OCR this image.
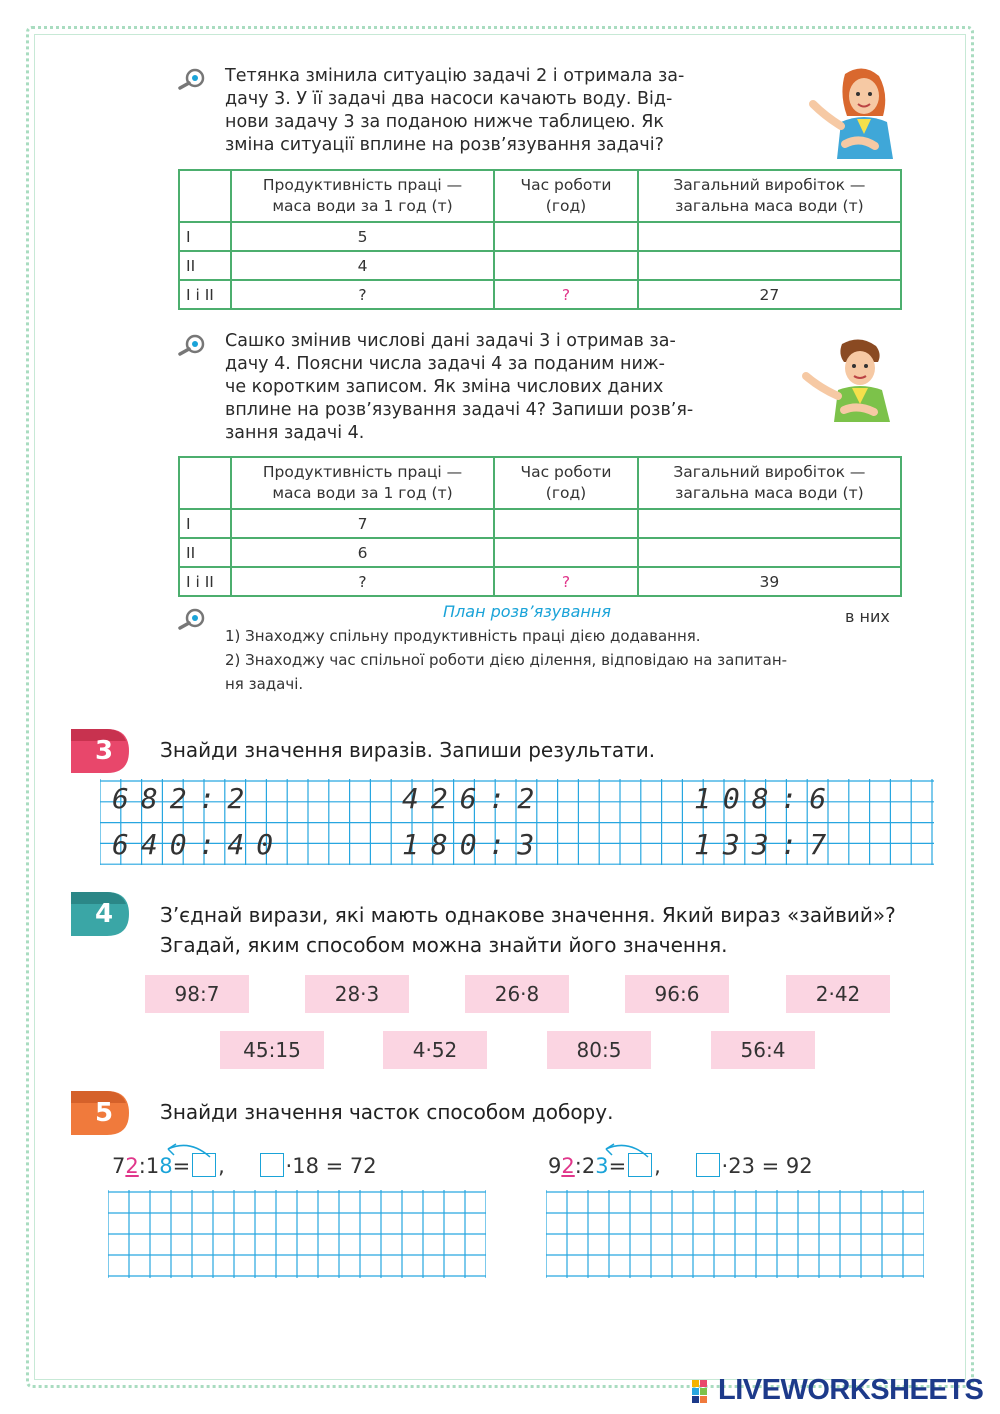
Тетянка змінила ситуацію задачі 2 і отримала за-
дачу 3. У її задачі два насоси качають воду. Від-
нови задачу 3 за поданою нижче таблицею. Як
зміна ситуації вплине на розв’язування задачі?

	Продуктивність праці —
маса води за 1 год (т)	Час роботи
(год)	Загальний виробіток —
загальна маса води (т)

I	5		
II	4		
I і II	?	?	27
Сашко змінив числові дані задачі 3 і отримав за-
дачу 4. Поясни числа задачі 4 за поданим ниж-
че коротким записом. Як зміна числових даних
вплине на розв’язування задачі 4? Запиши розв’я-
зання задачі 4.

	Продуктивність праці —
маса води за 1 год (т)	Час роботи
(год)	Загальний виробіток —
загальна маса води (т)

I	7		
II	6		
I і II	?	?	39
План розв’язування	в них
1) Знаходжу спільну продуктивність праці дією додавання.
2) Знаходжу час спільної роботи дією ділення, відповідаю на запитан-
ня задачі.
3	Знайди значення виразів. Запиши результати.
682:2	426:2	108:6
640:40	180:3	133:7
4	З’єднай вирази, які мають однакове значення. Який вираз «зайвий»?
Згадай, яким способом можна знайти його значення.
98:7	28·3	26·8	96:6	2·42
45:15	4·52	80:5	56:4
5	Знайди значення часток способом добору.
72:18= ,	·18 = 72	92:23= ,	·23 = 92
LIVEWORKSHEETS
